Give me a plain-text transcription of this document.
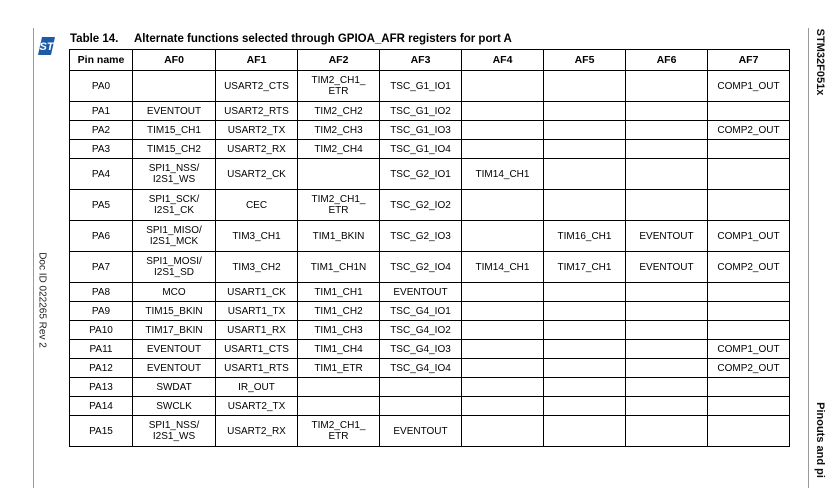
ST
Doc ID 022265 Rev 2
STM32F051x
Pinouts and pi
Table 14. Alternate functions selected through GPIOA_AFR registers for port A
Pin name	AF0	AF1	AF2	AF3	AF4	AF5	AF6	AF7
PA0		USART2_CTS	TIM2_CH1_
ETR	TSC_G1_IO1				COMP1_OUT
PA1	EVENTOUT	USART2_RTS	TIM2_CH2	TSC_G1_IO2				
PA2	TIM15_CH1	USART2_TX	TIM2_CH3	TSC_G1_IO3				COMP2_OUT
PA3	TIM15_CH2	USART2_RX	TIM2_CH4	TSC_G1_IO4				
PA4	SPI1_NSS/
I2S1_WS	USART2_CK		TSC_G2_IO1	TIM14_CH1			
PA5	SPI1_SCK/
I2S1_CK	CEC	TIM2_CH1_
ETR	TSC_G2_IO2				
PA6	SPI1_MISO/
I2S1_MCK	TIM3_CH1	TIM1_BKIN	TSC_G2_IO3		TIM16_CH1	EVENTOUT	COMP1_OUT
PA7	SPI1_MOSI/
I2S1_SD	TIM3_CH2	TIM1_CH1N	TSC_G2_IO4	TIM14_CH1	TIM17_CH1	EVENTOUT	COMP2_OUT
PA8	MCO	USART1_CK	TIM1_CH1	EVENTOUT				
PA9	TIM15_BKIN	USART1_TX	TIM1_CH2	TSC_G4_IO1				
PA10	TIM17_BKIN	USART1_RX	TIM1_CH3	TSC_G4_IO2				
PA11	EVENTOUT	USART1_CTS	TIM1_CH4	TSC_G4_IO3				COMP1_OUT
PA12	EVENTOUT	USART1_RTS	TIM1_ETR	TSC_G4_IO4				COMP2_OUT
PA13	SWDAT	IR_OUT						
PA14	SWCLK	USART2_TX						
PA15	SPI1_NSS/
I2S1_WS	USART2_RX	TIM2_CH1_
ETR	EVENTOUT				
